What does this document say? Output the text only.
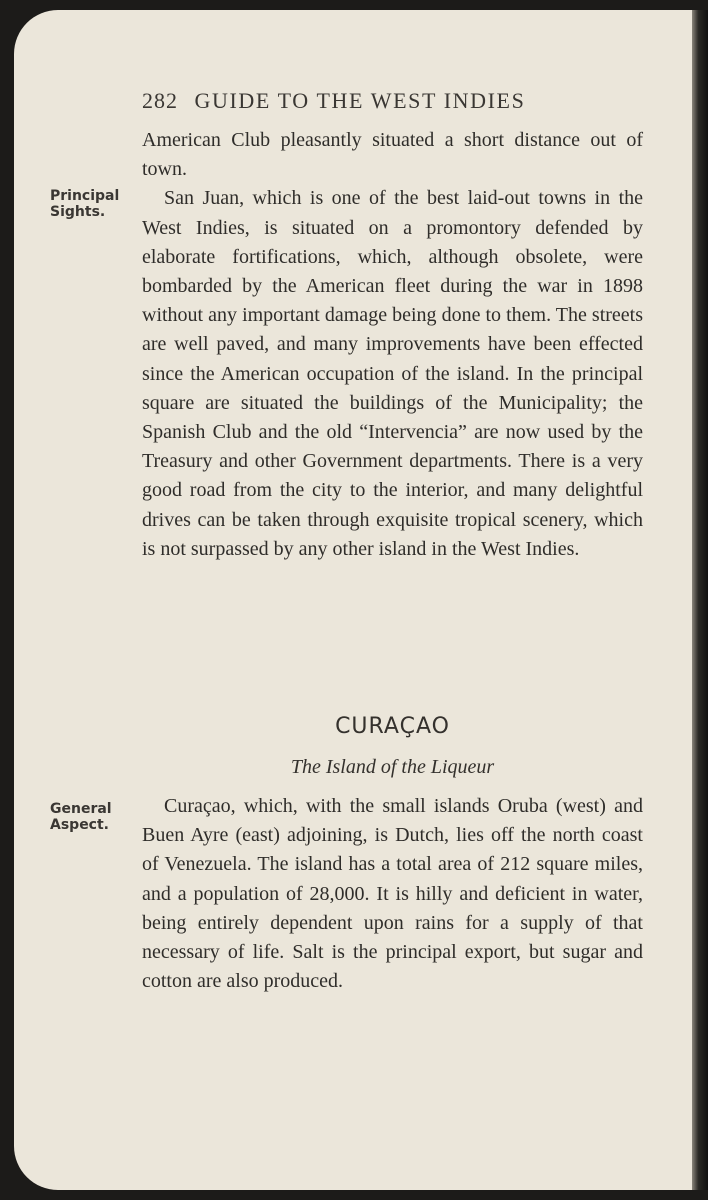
282 GUIDE TO THE WEST INDIES
Principal
Sights.

American Club pleasantly situated a short distance out of town.

San Juan, which is one of the best laid-out towns in the West Indies, is situated on a promontory defended by elaborate fortifications, which, although obsolete, were bombarded by the American fleet during the war in 1898 without any important damage being done to them. The streets are well paved, and many improvements have been effected since the American occupation of the island. In the principal square are situated the buildings of the Municipality; the Spanish Club and the old “Intervencia” are now used by the Treasury and other Government departments. There is a very good road from the city to the interior, and many delightful drives can be taken through exquisite tropical scenery, which is not surpassed by any other island in the West Indies.

CURAÇAO
The Island of the Liqueur
General
Aspect.

Curaçao, which, with the small islands Oruba (west) and Buen Ayre (east) adjoining, is Dutch, lies off the north coast of Venezuela. The island has a total area of 212 square miles, and a population of 28,000. It is hilly and deficient in water, being entirely dependent upon rains for a supply of that necessary of life. Salt is the principal export, but sugar and cotton are also produced.
